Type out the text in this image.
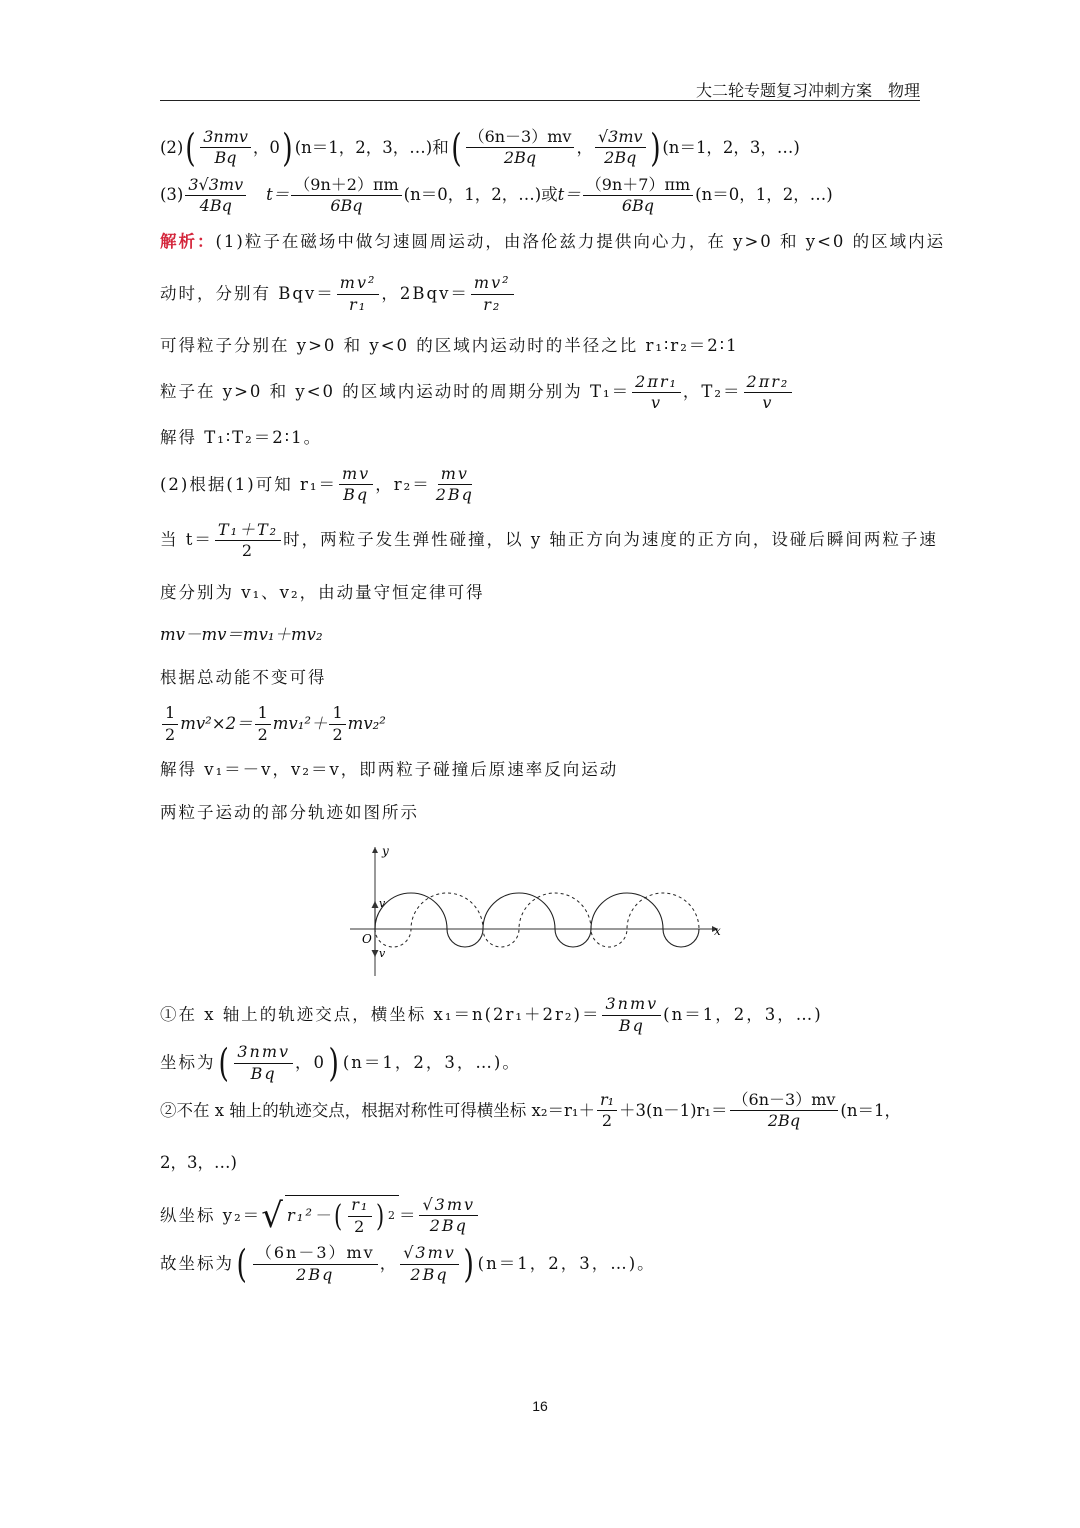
大二轮专题复习冲刺方案　物理
(2) ( $\frac{\text{3nmv}}{Bq}$ ，0 ) (n＝1，2，3，…) 和 ( $\frac{(6n-3)mv}{2Bq}$ ， $\frac{√3mv}{2Bq}$ ) (n＝1，2，3，…)
$(3) \frac{3√3mv}{4Bq} t= \frac{(9n+2)\pi m}{6Bq} (n=0$，1，2，…) 或 $t= \frac{(9n+7)\pi m}{6Bq} (n=0$，1，2，…)
解析： (1)粒子在磁场中做匀速圆周运动，由洛伦兹力提供向心力，在 y>0 和 y<0 的区域内运
动时，分别有 $Bqv= \frac{\text{mv²}}{\text{r₁}}$ ，$2Bqv= \frac{\text{mv²}}{\text{r₂}}$
可得粒子分别在 y>0 和 y<0 的区域内运动时的半径之比 r₁∶r₂＝2∶1
粒子在 y>0 和 y<0 的区域内运动时的周期分别为 $T_1= \frac{\text{2πr₁}}{v}$ ，$T_2= \frac{\text{2πr₂}}{v}$
解得 T₁∶T₂＝2∶1。
(2)根据(1)可知 $r_1= \frac{mv}{Bq}$ ，$r_2= \frac{mv}{2Bq}$
当 $t= \frac{\text{T₁＋T₂}}{2}$ 时，两粒子发生弹性碰撞，以 y 轴正方向为速度的正方向，设碰后瞬间两粒子速
度分别为 v₁、v₂，由动量守恒定律可得
mv－mv＝mv₁＋mv₂
根据总动能不变可得
$\frac{1}{2} mv^2\times 2= \frac{1}{2} mv_1^2+ \frac{1}{2} mv_2^2$
解得 v₁＝－v，v₂＝v，即两粒子碰撞后原速率反向运动
两粒子运动的部分轨迹如图所示
y
x
O
v
v
①在 x 轴上的轨迹交点，横坐标 $x_1=n(2r_1+2r_2)= \frac{\text{3nmv}}{Bq} (n=1$，2，3，…)
坐标为 ( $\frac{\text{3nmv}}{Bq}$ ，0 ) (n＝1，2，3，…)。
②不在 x 轴上的轨迹交点，根据对称性可得横坐标 $x_2=r_1+ \frac{\text{r₁}}{2} +3(n-1)r_1= \frac{(6n-3)mv}{2Bq} (n=1$，
2，3，…)
纵坐标 y₂＝ √ r₁²－ ( $\frac{\text{r₁}}{2}$ ) $2 = \frac{√3mv}{2Bq}$
故坐标为 ( $\frac{(6n-3)mv}{2Bq}$ ， $\frac{√3mv}{2Bq}$ ) (n＝1，2，3，…)。
16
